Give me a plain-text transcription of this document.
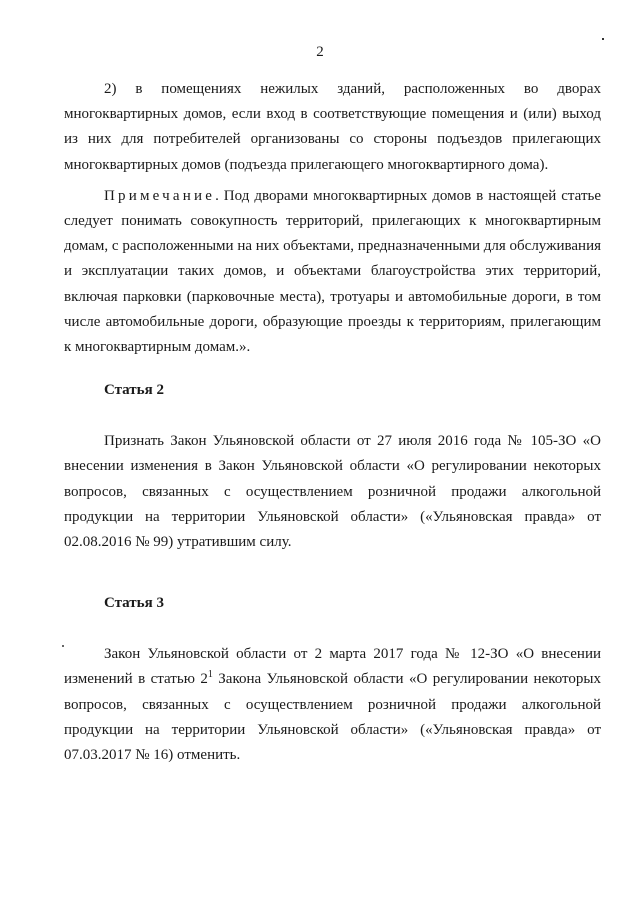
2

2) в помещениях нежилых зданий, расположенных во дворах многоквартирных домов, если вход в соответствующие помещения и (или) выход из них для потребителей организованы со стороны подъездов прилегающих многоквартирных домов (подъезда прилегающего многоквартирного дома).

Примечание. Под дворами многоквартирных домов в настоящей статье следует понимать совокупность территорий, прилегающих к многоквартирным домам, с расположенными на них объектами, предназначенными для обслуживания и эксплуатации таких домов, и объектами благоустройства этих территорий, включая парковки (парковочные места), тротуары и автомобильные дороги, в том числе автомобильные дороги, образующие проезды к территориям, прилегающим к многоквартирным домам.».

Статья 2

Признать Закон Ульяновской области от 27 июля 2016 года № 105-ЗО «О внесении изменения в Закон Ульяновской области «О регулировании некоторых вопросов, связанных с осуществлением розничной продажи алкогольной продукции на территории Ульяновской области» («Ульяновская правда» от 02.08.2016 № 99) утратившим силу.

Статья 3

Закон Ульяновской области от 2 марта 2017 года № 12-ЗО «О внесении изменений в статью $2^1$ Закона Ульяновской области «О регулировании некоторых вопросов, связанных с осуществлением розничной продажи алкогольной продукции на территории Ульяновской области» («Ульяновская правда» от 07.03.2017 № 16) отменить.
